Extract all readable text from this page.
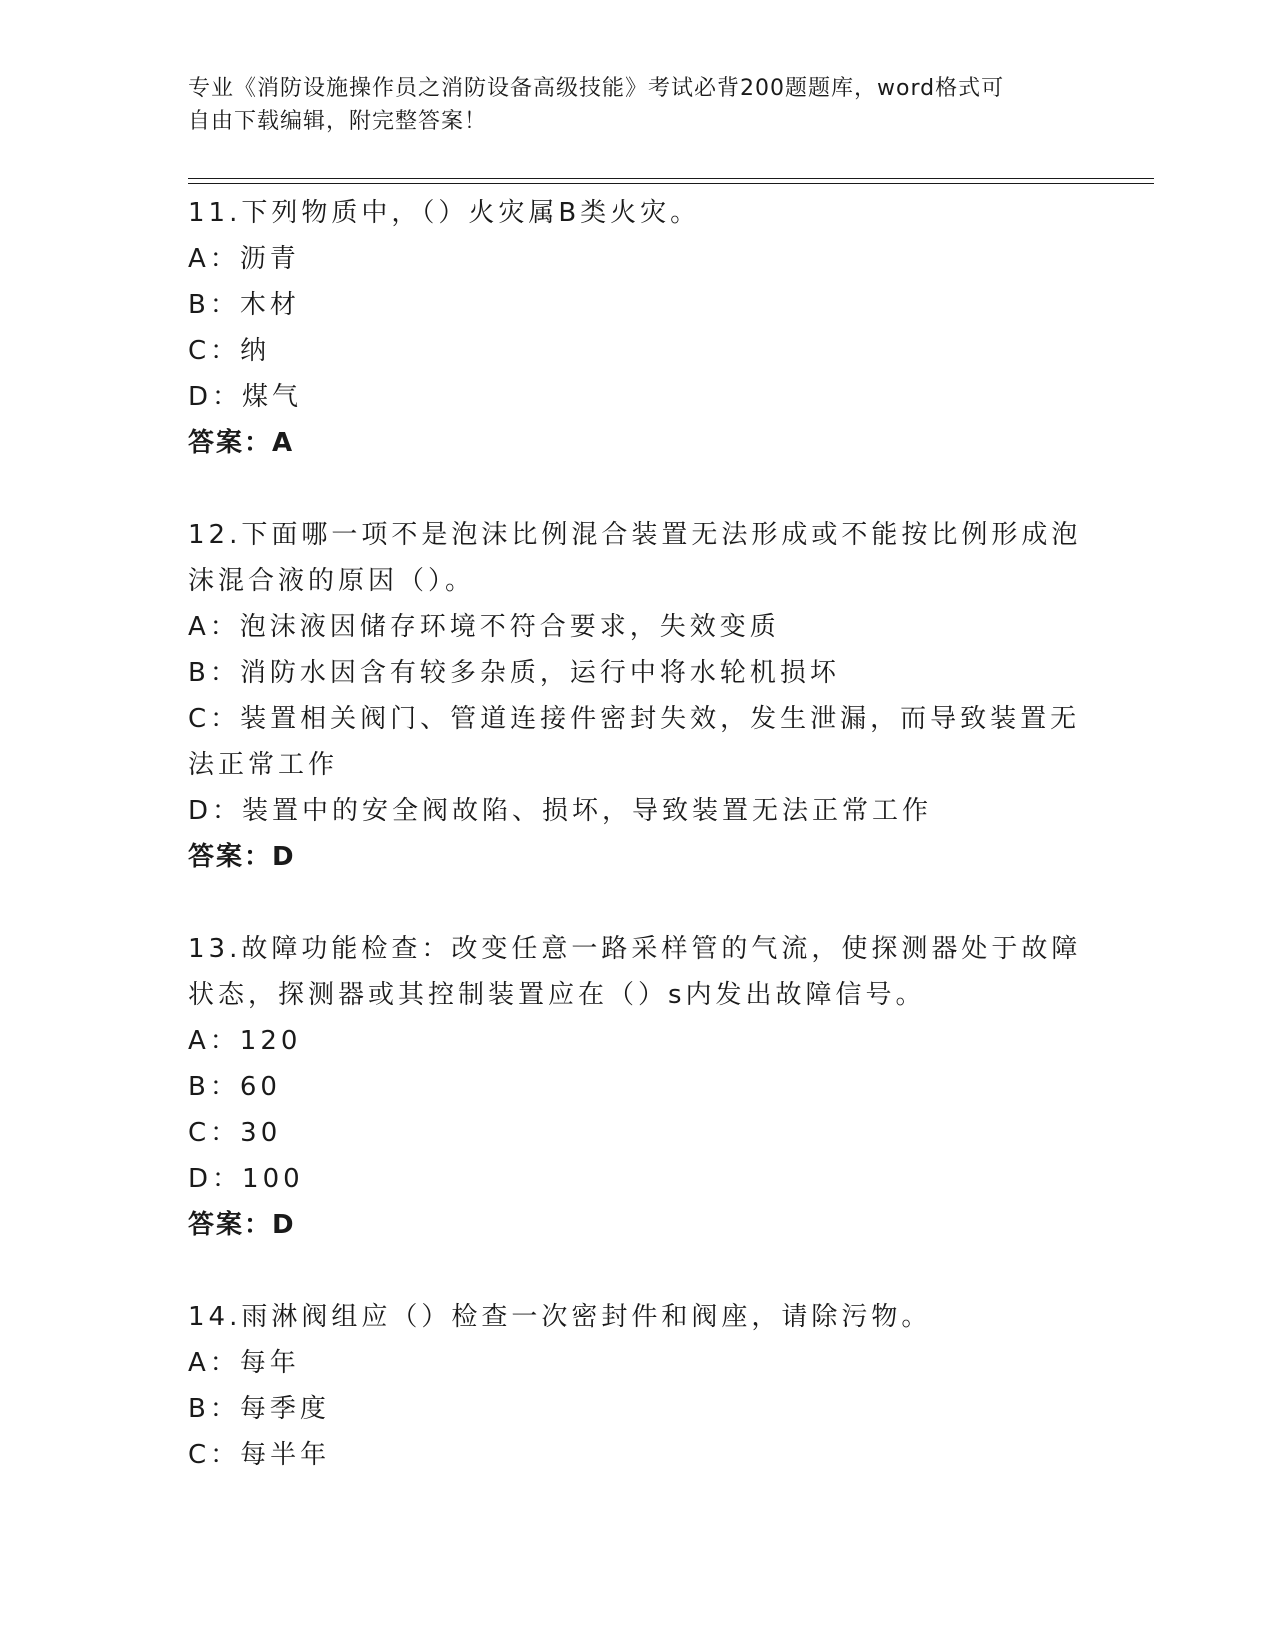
专业《消防设施操作员之消防设备高级技能》考试必背200题题库，word格式可
自由下载编辑，附完整答案！

11.下列物质中，（）火灾属B类火灾。

A：沥青

B：木材

C：纳

D：煤气

答案：A

12.下面哪一项不是泡沫比例混合装置无法形成或不能按比例形成泡沫混合液的原因（）。

A：泡沫液因储存环境不符合要求，失效变质

B：消防水因含有较多杂质，运行中将水轮机损坏

C：装置相关阀门、管道连接件密封失效，发生泄漏，而导致装置无法正常工作

D：装置中的安全阀故陷、损坏，导致装置无法正常工作

答案：D

13.故障功能检查：改变任意一路采样管的气流，使探测器处于故障状态，探测器或其控制装置应在（）s内发出故障信号。

A：120

B：60

C：30

D：100

答案：D

14.雨淋阀组应（）检查一次密封件和阀座，请除污物。

A：每年

B：每季度

C：每半年
